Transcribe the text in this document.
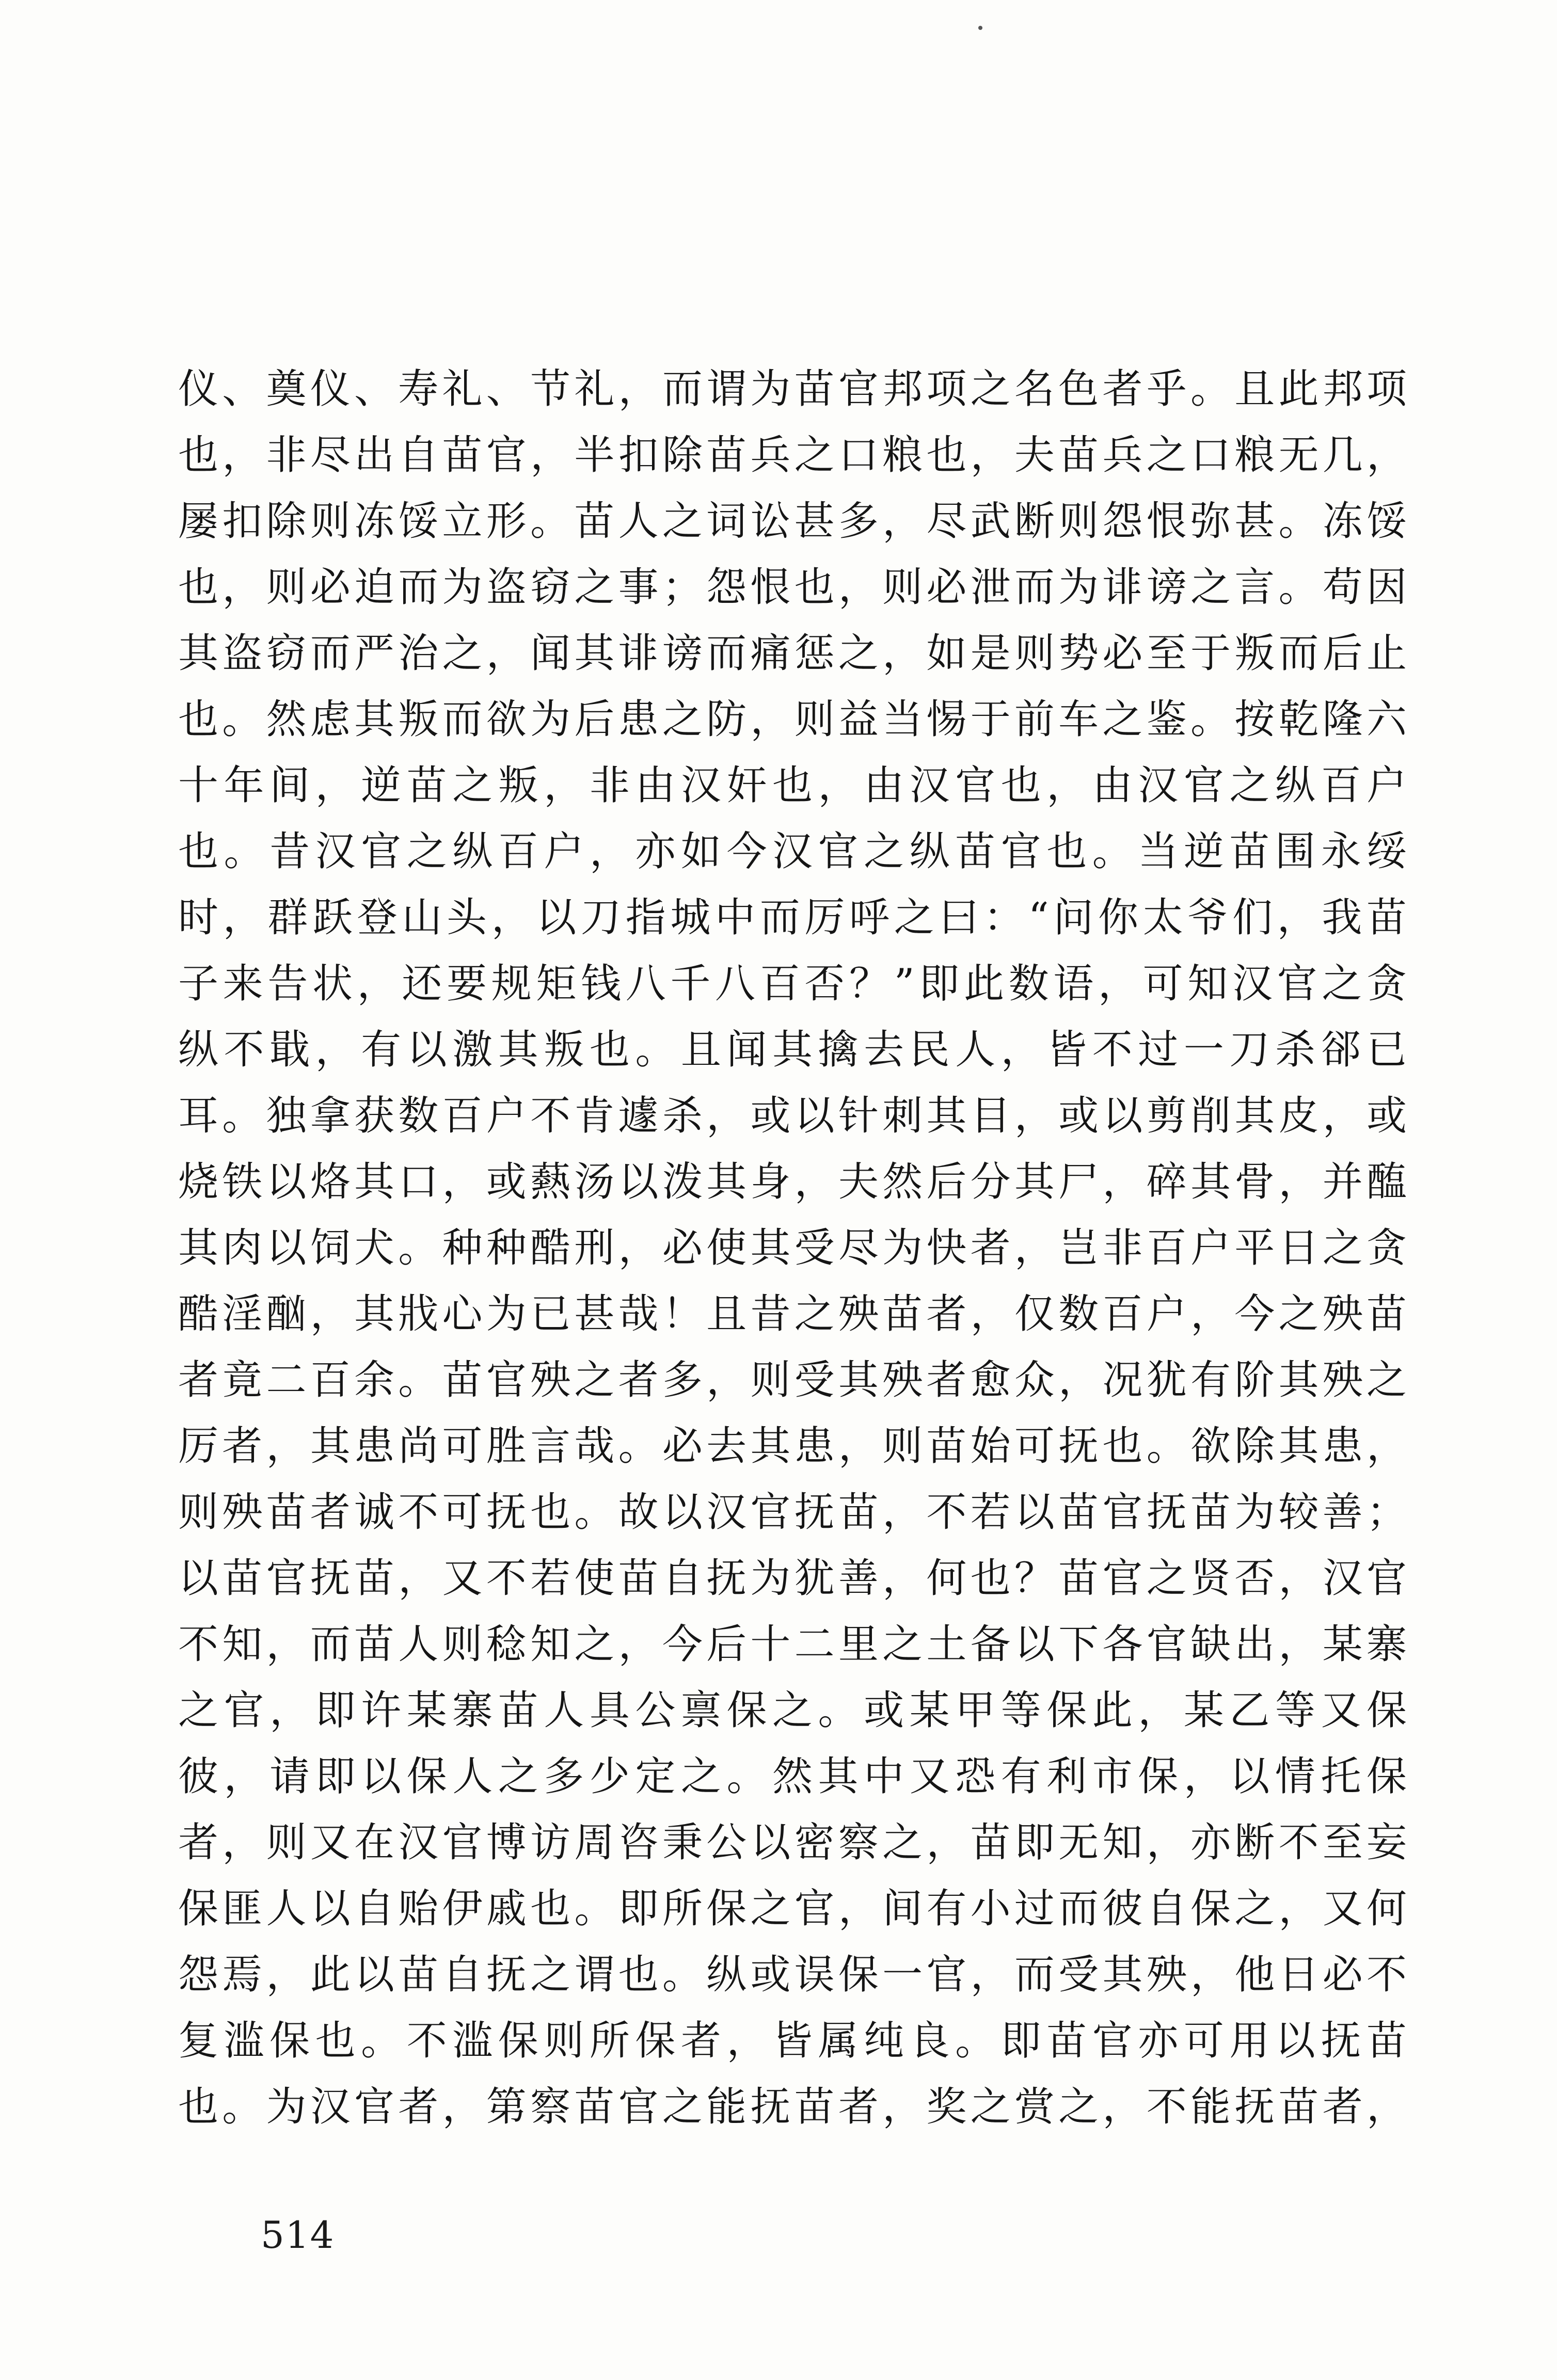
仪、奠仪、寿礼、节礼，而谓为苗官邦项之名色者乎。且此邦项
也，非尽出自苗官，半扣除苗兵之口粮也，夫苗兵之口粮无几，
屡扣除则冻馁立形。苗人之词讼甚多，尽武断则怨恨弥甚。冻馁
也，则必迫而为盗窃之事；怨恨也，则必泄而为诽谤之言。苟因
其盗窃而严治之，闻其诽谤而痛惩之，如是则势必至于叛而后止
也。然虑其叛而欲为后患之防，则益当惕于前车之鉴。按乾隆六
十年间，逆苗之叛，非由汉奸也，由汉官也，由汉官之纵百户
也。昔汉官之纵百户，亦如今汉官之纵苗官也。当逆苗围永绥
时，群跃登山头，以刀指城中而厉呼之曰：“问你太爷们，我苗
子来告状，还要规矩钱八千八百否？”即此数语，可知汉官之贪
纵不戢，有以激其叛也。且闻其擒去民人，皆不过一刀杀郤已
耳。独拿获数百户不肯遽杀，或以针刺其目，或以剪削其皮，或
烧铁以烙其口，或爇汤以泼其身，夫然后分其尸，碎其骨，并醢
其肉以饲犬。种种酷刑，必使其受尽为快者，岂非百户平日之贪
酷淫酗，其戕心为已甚哉！且昔之殃苗者，仅数百户，今之殃苗
者竟二百余。苗官殃之者多，则受其殃者愈众，况犹有阶其殃之
厉者，其患尚可胜言哉。必去其患，则苗始可抚也。欲除其患，
则殃苗者诚不可抚也。故以汉官抚苗，不若以苗官抚苗为较善；
以苗官抚苗，又不若使苗自抚为犹善，何也？苗官之贤否，汉官
不知，而苗人则稔知之，今后十二里之土备以下各官缺出，某寨
之官，即许某寨苗人具公禀保之。或某甲等保此，某乙等又保
彼，请即以保人之多少定之。然其中又恐有利市保，以情托保
者，则又在汉官博访周咨秉公以密察之，苗即无知，亦断不至妄
保匪人以自贻伊戚也。即所保之官，间有小过而彼自保之，又何
怨焉，此以苗自抚之谓也。纵或误保一官，而受其殃，他日必不
复滥保也。不滥保则所保者，皆属纯良。即苗官亦可用以抚苗
也。为汉官者，第察苗官之能抚苗者，奖之赏之，不能抚苗者，
514
